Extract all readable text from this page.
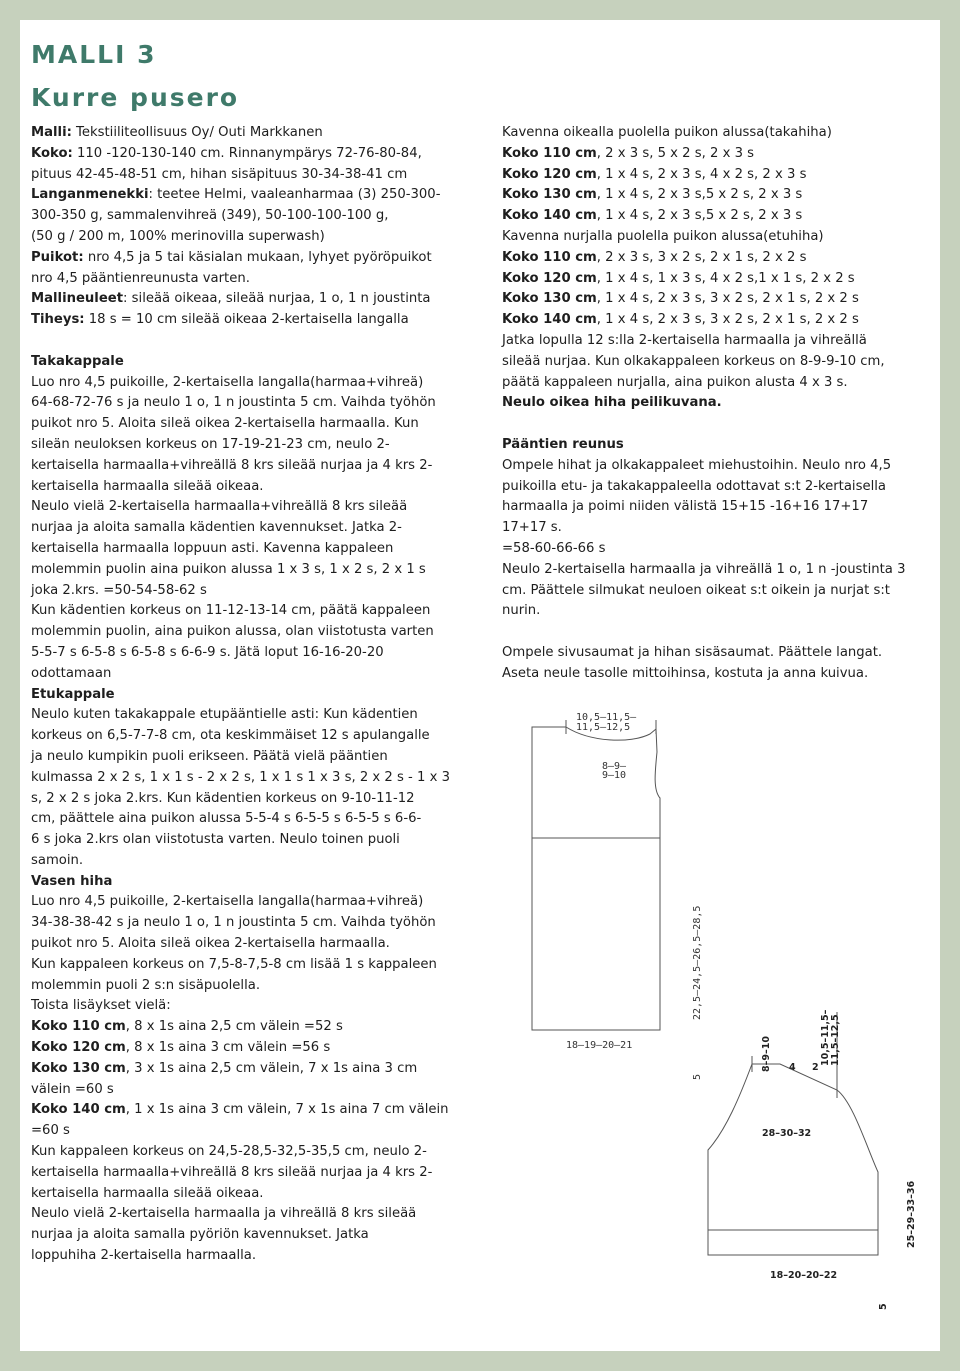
MALLI 3
Kurre pusero
Malli: Tekstiiliteollisuus Oy/ Outi Markkanen
Koko: 110 -120-130-140 cm. Rinnanympärys 72-76-80-84,
pituus 42-45-48-51 cm, hihan sisäpituus 30-34-38-41 cm
Langanmenekki: teetee Helmi, vaaleanharmaa (3) 250-300-
300-350 g, sammalenvihreä (349), 50-100-100-100 g,
(50 g / 200 m, 100% merinovilla superwash)
Puikot: nro 4,5 ja 5 tai käsialan mukaan, lyhyet pyöröpuikot
nro 4,5 pääntienreunusta varten.
Mallineuleet: sileää oikeaa, sileää nurjaa, 1 o, 1 n joustinta
Tiheys: 18 s = 10 cm sileää oikeaa 2-kertaisella langalla
Takakappale
Luo nro 4,5 puikoille, 2-kertaisella langalla(harmaa+vihreä)
64-68-72-76 s ja neulo 1 o, 1 n joustinta 5 cm. Vaihda työhön
puikot nro 5. Aloita sileä oikea 2-kertaisella harmaalla. Kun
sileän neuloksen korkeus on 17-19-21-23 cm, neulo 2-
kertaisella harmaalla+vihreällä 8 krs sileää nurjaa ja 4 krs 2-
kertaisella harmaalla sileää oikeaa.
Neulo vielä 2-kertaisella harmaalla+vihreällä 8 krs sileää
nurjaa ja aloita samalla kädentien kavennukset. Jatka 2-
kertaisella harmaalla loppuun asti. Kavenna kappaleen
molemmin puolin aina puikon alussa 1 x 3 s, 1 x 2 s, 2 x 1 s
joka 2.krs. =50-54-58-62 s
Kun kädentien korkeus on 11-12-13-14 cm, päätä kappaleen
molemmin puolin, aina puikon alussa, olan viistotusta varten
5-5-7 s 6-5-8 s 6-5-8 s 6-6-9 s. Jätä loput 16-16-20-20
odottamaan
Etukappale
Neulo kuten takakappale etupääntielle asti: Kun kädentien
korkeus on 6,5-7-7-8 cm, ota keskimmäiset 12 s apulangalle
ja neulo kumpikin puoli erikseen. Päätä vielä pääntien
kulmassa 2 x 2 s, 1 x 1 s - 2 x 2 s, 1 x 1 s 1 x 3 s, 2 x 2 s - 1 x 3
s, 2 x 2 s joka 2.krs. Kun kädentien korkeus on 9-10-11-12
cm, päättele aina puikon alussa 5-5-4 s 6-5-5 s 6-5-5 s 6-6-
6 s joka 2.krs olan viistotusta varten. Neulo toinen puoli
samoin.
Vasen hiha
Luo nro 4,5 puikoille, 2-kertaisella langalla(harmaa+vihreä)
34-38-38-42 s ja neulo 1 o, 1 n joustinta 5 cm. Vaihda työhön
puikot nro 5. Aloita sileä oikea 2-kertaisella harmaalla.
Kun kappaleen korkeus on 7,5-8-7,5-8 cm lisää 1 s kappaleen
molemmin puoli 2 s:n sisäpuolella.
Toista lisäykset vielä:
Koko 110 cm, 8 x 1s aina 2,5 cm välein =52 s
Koko 120 cm, 8 x 1s aina 3 cm välein =56 s
Koko 130 cm, 3 x 1s aina 2,5 cm välein, 7 x 1s aina 3 cm
välein =60 s
Koko 140 cm, 1 x 1s aina 3 cm välein, 7 x 1s aina 7 cm välein
=60 s
Kun kappaleen korkeus on 24,5-28,5-32,5-35,5 cm, neulo 2-
kertaisella harmaalla+vihreällä 8 krs sileää nurjaa ja 4 krs 2-
kertaisella harmaalla sileää oikeaa.
Neulo vielä 2-kertaisella harmaalla ja vihreällä 8 krs sileää
nurjaa ja aloita samalla pyöriön kavennukset. Jatka
loppuhiha 2-kertaisella harmaalla.
Kavenna oikealla puolella puikon alussa(takahiha)
Koko 110 cm, 2 x 3 s, 5 x 2 s, 2 x 3 s
Koko 120 cm, 1 x 4 s, 2 x 3 s, 4 x 2 s, 2 x 3 s
Koko 130 cm, 1 x 4 s, 2 x 3 s,5 x 2 s, 2 x 3 s
Koko 140 cm, 1 x 4 s, 2 x 3 s,5 x 2 s, 2 x 3 s
Kavenna nurjalla puolella puikon alussa(etuhiha)
Koko 110 cm, 2 x 3 s, 3 x 2 s, 2 x 1 s, 2 x 2 s
Koko 120 cm, 1 x 4 s, 1 x 3 s, 4 x 2 s,1 x 1 s, 2 x 2 s
Koko 130 cm, 1 x 4 s, 2 x 3 s, 3 x 2 s, 2 x 1 s, 2 x 2 s
Koko 140 cm, 1 x 4 s, 2 x 3 s, 3 x 2 s, 2 x 1 s, 2 x 2 s
Jatka lopulla 12 s:lla 2-kertaisella harmaalla ja vihreällä
sileää nurjaa. Kun olkakappaleen korkeus on 8-9-9-10 cm,
päätä kappaleen nurjalla, aina puikon alusta 4 x 3 s.
Neulo oikea hiha peilikuvana.
Pääntien reunus
Ompele hihat ja olkakappaleet miehustoihin. Neulo nro 4,5
puikoilla etu- ja takakappaleella odottavat s:t 2-kertaisella
harmaalla ja poimi niiden välistä 15+15 -16+16 17+17
17+17 s.
=58-60-66-66 s
Neulo 2-kertaisella harmaalla ja vihreällä 1 o, 1 n -joustinta 3
cm. Päättele silmukat neuloen oikeat s:t oikein ja nurjat s:t
nurin.
Ompele sivusaumat ja hihan sisäsaumat. Päättele langat.
Aseta neule tasolle mittoihinsa, kostuta ja anna kuivua.
10,5–11,5–
11,5–12,5
8–9–
9–10
18–19–20–21
22,5–24,5–26,5–28,5
5
8–9–10 4 2
10,5–11,5– 11,5–12,5
28–30–32
25–29–33–36
18–20–20–22
5
